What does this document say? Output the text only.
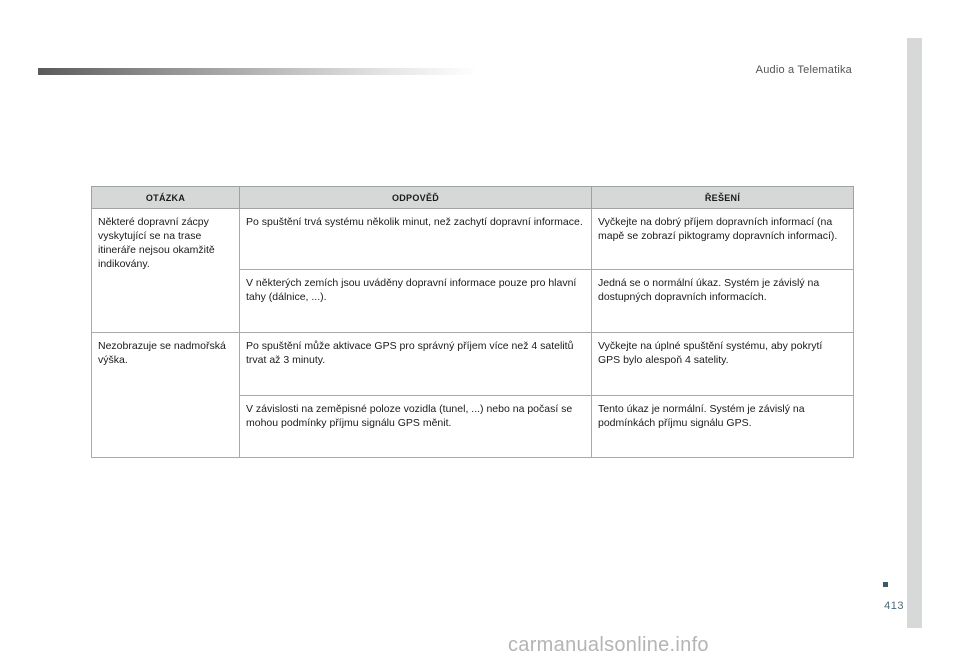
Audio a Telematika
OTÁZKA	ODPOVĚĎ	ŘEŠENÍ
Některé dopravní zácpy vyskytující se na trase itineráře nejsou okamžitě indikovány.	Po spuštění trvá systému několik minut, než zachytí dopravní informace.	Vyčkejte na dobrý příjem dopravních informací (na mapě se zobrazí piktogramy dopravních informací).
	V některých zemích jsou uváděny dopravní informace pouze pro hlavní tahy (dálnice, ...).	Jedná se o normální úkaz. Systém je závislý na dostupných dopravních informacích.
Nezobrazuje se nadmořská výška.	Po spuštění může aktivace GPS pro správný příjem více než 4 satelitů trvat až 3 minuty.	Vyčkejte na úplné spuštění systému, aby pokrytí GPS bylo alespoň 4 satelity.
	V závislosti na zeměpisné poloze vozidla (tunel, ...) nebo na počasí se mohou podmínky příjmu signálu GPS měnit.	Tento úkaz je normální. Systém je závislý na podmínkách příjmu signálu GPS.
413
carmanualsonline.info
